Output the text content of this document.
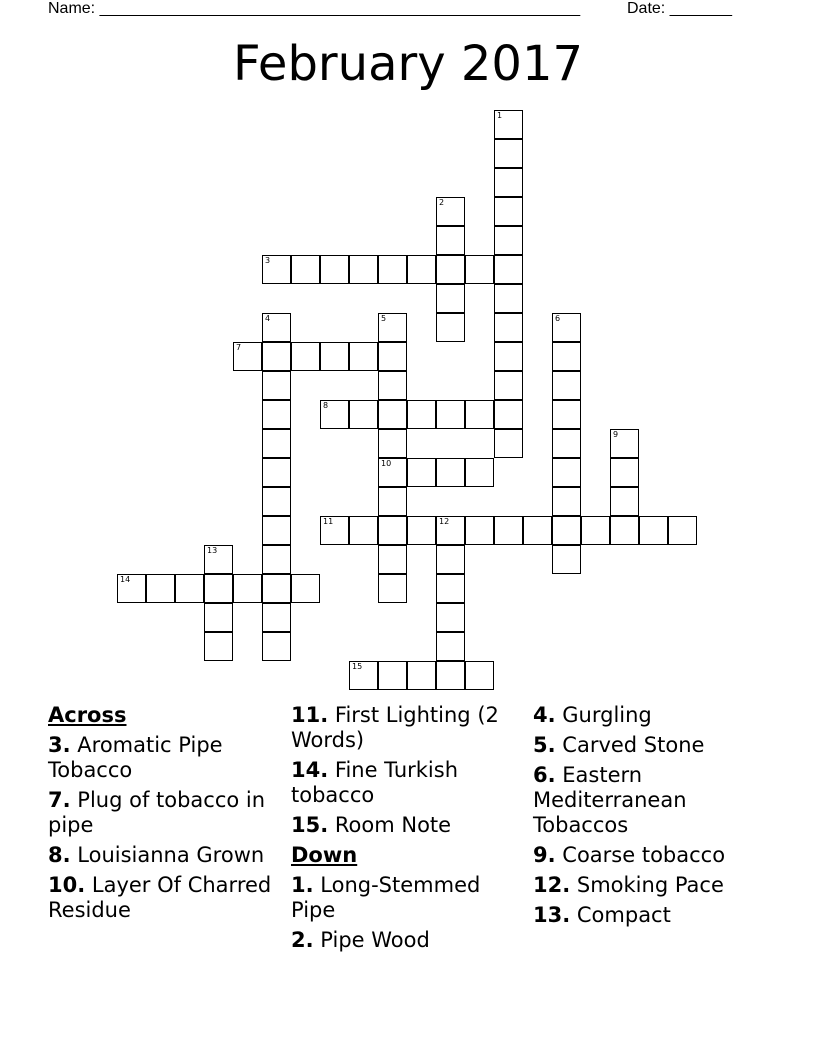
Name: ______________________________________________________	Date: _______
February 2017
1
2
3
4	5
10
6
7
8
9
11	12
13
14
15
Across
3. Aromatic Pipe Tobacco
7. Plug of tobacco in pipe
8. Louisianna Grown
10. Layer Of Charred Residue
11. First Lighting (2 Words)
14. Fine Turkish tobacco
15. Room Note
Down
1. Long-Stemmed Pipe
2. Pipe Wood
4. Gurgling
5. Carved Stone
6. Eastern Mediterranean Tobaccos
9. Coarse tobacco
12. Smoking Pace
13. Compact
